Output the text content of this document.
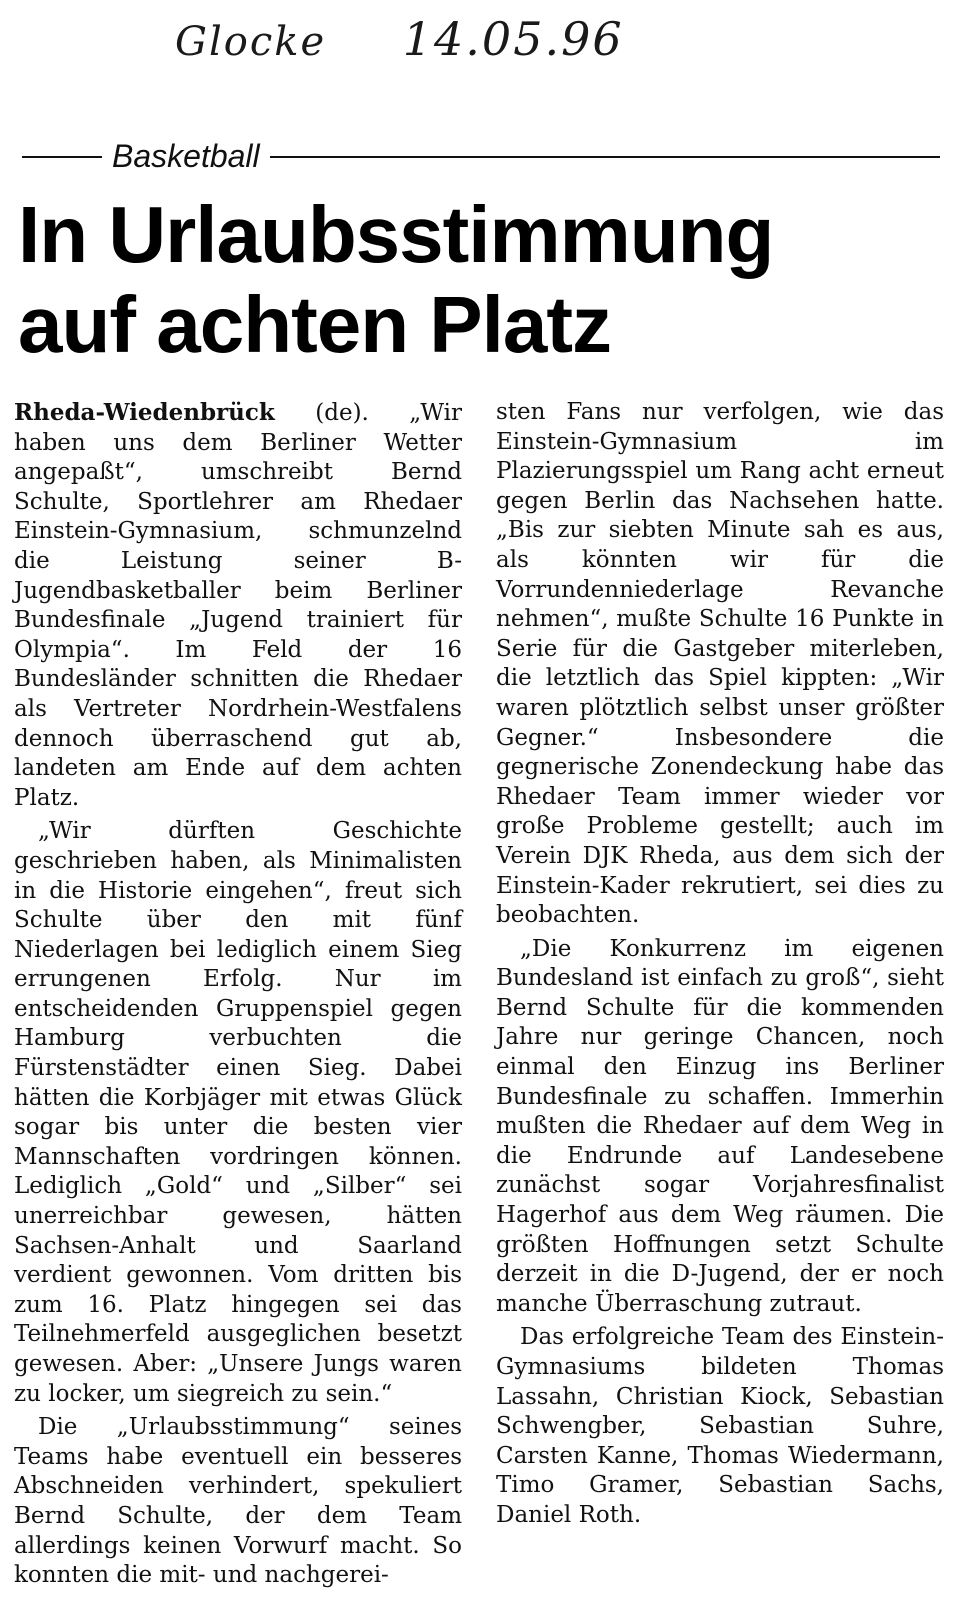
Glocke 14.05.96
Basketball
In Urlaubsstimmung
auf achten Platz

Rheda-Wiedenbrück (de). „Wir haben uns dem Berliner Wetter angepaßt“, umschreibt Bernd Schulte, Sportlehrer am Rhedaer Einstein-Gymnasium, schmunzelnd die Leistung seiner B-Jugendbasketballer beim Berliner Bundesfinale „Jugend trainiert für Olympia“. Im Feld der 16 Bundesländer schnitten die Rhedaer als Vertreter Nordrhein-Westfalens dennoch überraschend gut ab, landeten am Ende auf dem achten Platz.

„Wir dürften Geschichte geschrieben haben, als Minimalisten in die Historie eingehen“, freut sich Schulte über den mit fünf Niederlagen bei lediglich einem Sieg errungenen Erfolg. Nur im entscheidenden Gruppenspiel gegen Hamburg verbuchten die Fürstenstädter einen Sieg. Dabei hätten die Korbjäger mit etwas Glück sogar bis unter die besten vier Mannschaften vordringen können. Lediglich „Gold“ und „Silber“ sei unerreichbar gewesen, hätten Sachsen-Anhalt und Saarland verdient gewonnen. Vom dritten bis zum 16. Platz hingegen sei das Teilnehmerfeld ausgeglichen besetzt gewesen. Aber: „Unsere Jungs waren zu locker, um siegreich zu sein.“

Die „Urlaubsstimmung“ seines Teams habe eventuell ein besseres Abschneiden verhindert, spekuliert Bernd Schulte, der dem Team allerdings keinen Vorwurf macht. So konnten die mit- und nachgerei-

sten Fans nur verfolgen, wie das Einstein-Gymnasium im Plazierungsspiel um Rang acht erneut gegen Berlin das Nachsehen hatte. „Bis zur siebten Minute sah es aus, als könnten wir für die Vorrundenniederlage Revanche nehmen“, mußte Schulte 16 Punkte in Serie für die Gastgeber miterleben, die letztlich das Spiel kippten: „Wir waren plötztlich selbst unser größter Gegner.“ Insbesondere die gegnerische Zonendeckung habe das Rhedaer Team immer wieder vor große Probleme gestellt; auch im Verein DJK Rheda, aus dem sich der Einstein-Kader rekrutiert, sei dies zu beobachten.

„Die Konkurrenz im eigenen Bundesland ist einfach zu groß“, sieht Bernd Schulte für die kommenden Jahre nur geringe Chancen, noch einmal den Einzug ins Berliner Bundesfinale zu schaffen. Immerhin mußten die Rhedaer auf dem Weg in die Endrunde auf Landesebene zunächst sogar Vorjahresfinalist Hagerhof aus dem Weg räumen. Die größten Hoffnungen setzt Schulte derzeit in die D-Jugend, der er noch manche Überraschung zutraut.

Das erfolgreiche Team des Einstein-Gymnasiums bildeten Thomas Lassahn, Christian Kiock, Sebastian Schwengber, Sebastian Suhre, Carsten Kanne, Thomas Wiedermann, Timo Gramer, Sebastian Sachs, Daniel Roth.
